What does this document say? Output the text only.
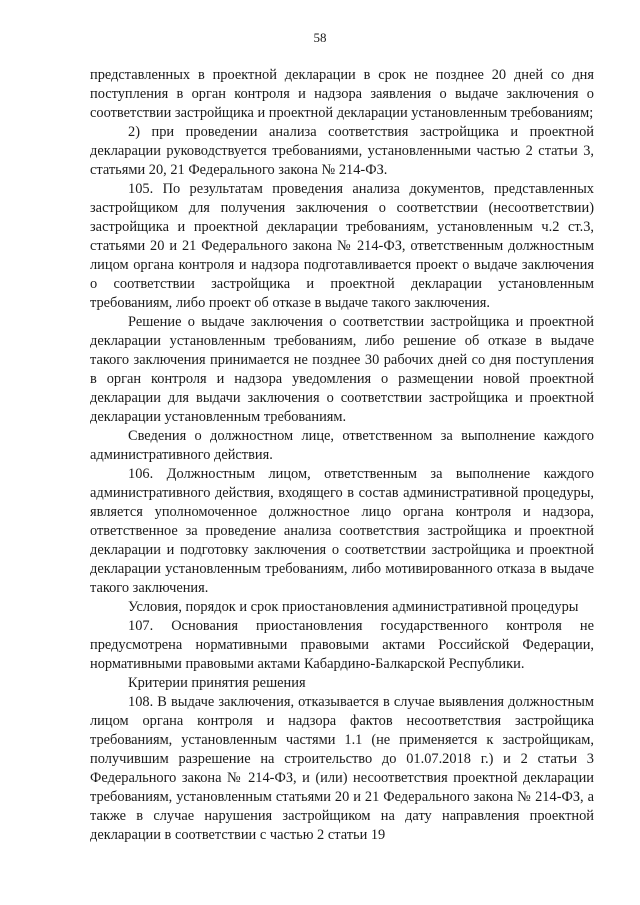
58

представленных в проектной декларации в срок не позднее 20 дней со дня поступления в орган контроля и надзора заявления о выдаче заключения о соответствии застройщика и проектной декларации установленным требованиям;

2) при проведении анализа соответствия застройщика и проектной декларации руководствуется требованиями, установленными частью 2 статьи 3, статьями 20, 21 Федерального закона № 214-ФЗ.

105. По результатам проведения анализа документов, представленных застройщиком для получения заключения о соответствии (несоответствии) застройщика и проектной декларации требованиям, установленным ч.2 ст.3, статьями 20 и 21 Федерального закона № 214-ФЗ, ответственным должностным лицом органа контроля и надзора подготавливается проект о выдаче заключения о соответствии застройщика и проектной декларации установленным требованиям, либо проект об отказе в выдаче такого заключения.

Решение о выдаче заключения о соответствии застройщика и проектной декларации установленным требованиям, либо решение об отказе в выдаче такого заключения принимается не позднее 30 рабочих дней со дня поступления в орган контроля и надзора уведомления о размещении новой проектной декларации для выдачи заключения о соответствии застройщика и проектной декларации установленным требованиям.

Сведения о должностном лице, ответственном за выполнение каждого административного действия.

106. Должностным лицом, ответственным за выполнение каждого административного действия, входящего в состав административной процедуры, является уполномоченное должностное лицо органа контроля и надзора, ответственное за проведение анализа соответствия застройщика и проектной декларации и подготовку заключения о соответствии застройщика и проектной декларации установленным требованиям, либо мотивированного отказа в выдаче такого заключения.

Условия, порядок и срок приостановления административной процедуры

107. Основания приостановления государственного контроля не предусмотрена нормативными правовыми актами Российской Федерации, нормативными правовыми актами Кабардино-Балкарской Республики.

Критерии принятия решения

108. В выдаче заключения, отказывается в случае выявления должностным лицом органа контроля и надзора фактов несоответствия застройщика требованиям, установленным частями 1.1 (не применяется к застройщикам, получившим разрешение на строительство до 01.07.2018 г.) и 2 статьи 3 Федерального закона № 214-ФЗ, и (или) несоответствия проектной декларации требованиям, установленным статьями 20 и 21 Федерального закона № 214-ФЗ, а также в случае нарушения застройщиком на дату направления проектной декларации в соответствии с частью 2 статьи 19
